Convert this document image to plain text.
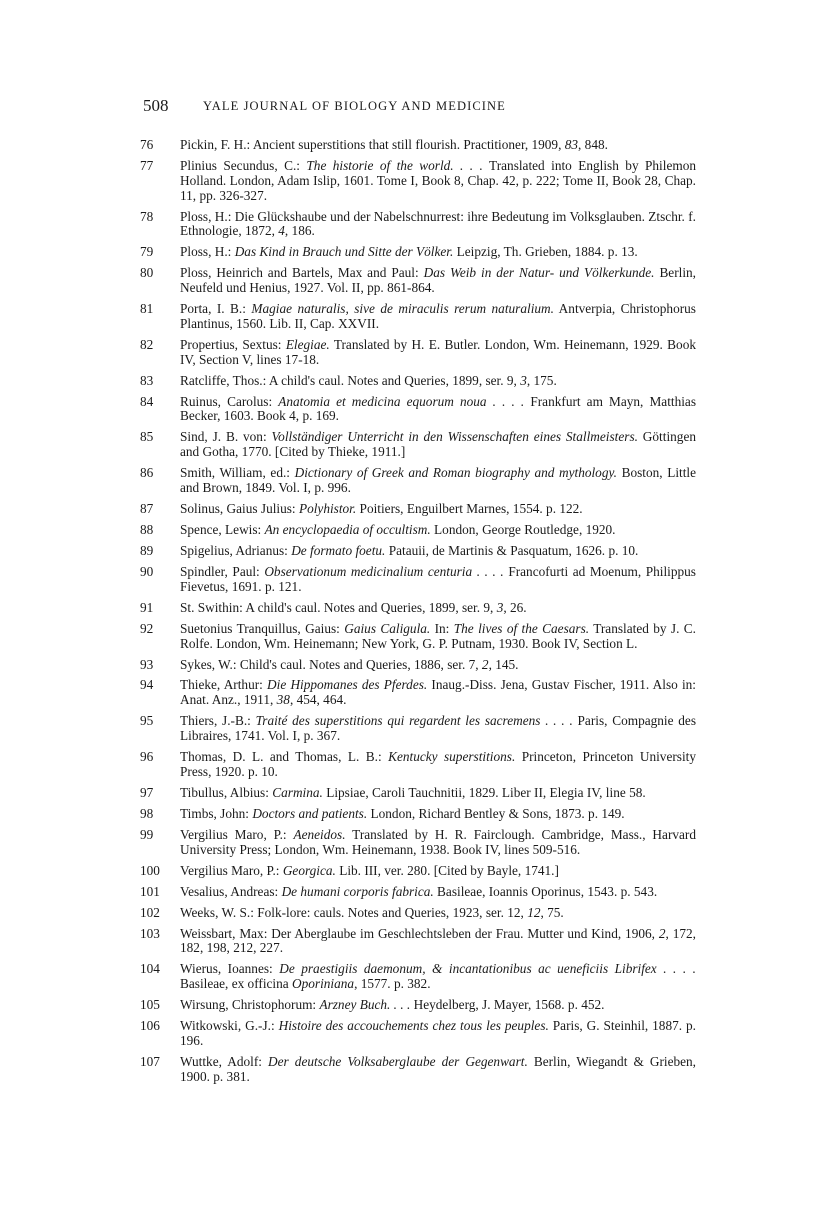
508	YALE JOURNAL OF BIOLOGY AND MEDICINE
76	Pickin, F. H.: Ancient superstitions that still flourish. Practitioner, 1909, 83, 848.
77	Plinius Secundus, C.: The historie of the world. . . . Translated into English by Philemon Holland. London, Adam Islip, 1601. Tome I, Book 8, Chap. 42, p. 222; Tome II, Book 28, Chap. 11, pp. 326-327.
78	Ploss, H.: Die Glückshaube und der Nabelschnurrest: ihre Bedeutung im Volksglauben. Ztschr. f. Ethnologie, 1872, 4, 186.
79	Ploss, H.: Das Kind in Brauch und Sitte der Völker. Leipzig, Th. Grieben, 1884. p. 13.
80	Ploss, Heinrich and Bartels, Max and Paul: Das Weib in der Natur- und Völkerkunde. Berlin, Neufeld und Henius, 1927. Vol. II, pp. 861-864.
81	Porta, I. B.: Magiae naturalis, sive de miraculis rerum naturalium. Antverpia, Christophorus Plantinus, 1560. Lib. II, Cap. XXVII.
82	Propertius, Sextus: Elegiae. Translated by H. E. Butler. London, Wm. Heinemann, 1929. Book IV, Section V, lines 17-18.
83	Ratcliffe, Thos.: A child's caul. Notes and Queries, 1899, ser. 9, 3, 175.
84	Ruinus, Carolus: Anatomia et medicina equorum noua . . . . Frankfurt am Mayn, Matthias Becker, 1603. Book 4, p. 169.
85	Sind, J. B. von: Vollständiger Unterricht in den Wissenschaften eines Stallmeisters. Göttingen and Gotha, 1770. [Cited by Thieke, 1911.]
86	Smith, William, ed.: Dictionary of Greek and Roman biography and mythology. Boston, Little and Brown, 1849. Vol. I, p. 996.
87	Solinus, Gaius Julius: Polyhistor. Poitiers, Enguilbert Marnes, 1554. p. 122.
88	Spence, Lewis: An encyclopaedia of occultism. London, George Routledge, 1920.
89	Spigelius, Adrianus: De formato foetu. Patauii, de Martinis & Pasquatum, 1626. p. 10.
90	Spindler, Paul: Observationum medicinalium centuria . . . . Francofurti ad Moenum, Philippus Fievetus, 1691. p. 121.
91	St. Swithin: A child's caul. Notes and Queries, 1899, ser. 9, 3, 26.
92	Suetonius Tranquillus, Gaius: Gaius Caligula. In: The lives of the Caesars. Translated by J. C. Rolfe. London, Wm. Heinemann; New York, G. P. Putnam, 1930. Book IV, Section L.
93	Sykes, W.: Child's caul. Notes and Queries, 1886, ser. 7, 2, 145.
94	Thieke, Arthur: Die Hippomanes des Pferdes. Inaug.-Diss. Jena, Gustav Fischer, 1911. Also in: Anat. Anz., 1911, 38, 454, 464.
95	Thiers, J.-B.: Traité des superstitions qui regardent les sacremens . . . . Paris, Compagnie des Libraires, 1741. Vol. I, p. 367.
96	Thomas, D. L. and Thomas, L. B.: Kentucky superstitions. Princeton, Princeton University Press, 1920. p. 10.
97	Tibullus, Albius: Carmina. Lipsiae, Caroli Tauchnitii, 1829. Liber II, Elegia IV, line 58.
98	Timbs, John: Doctors and patients. London, Richard Bentley & Sons, 1873. p. 149.
99	Vergilius Maro, P.: Aeneidos. Translated by H. R. Fairclough. Cambridge, Mass., Harvard University Press; London, Wm. Heinemann, 1938. Book IV, lines 509-516.
100	Vergilius Maro, P.: Georgica. Lib. III, ver. 280. [Cited by Bayle, 1741.]
101	Vesalius, Andreas: De humani corporis fabrica. Basileae, Ioannis Oporinus, 1543. p. 543.
102	Weeks, W. S.: Folk-lore: cauls. Notes and Queries, 1923, ser. 12, 12, 75.
103	Weissbart, Max: Der Aberglaube im Geschlechtsleben der Frau. Mutter und Kind, 1906, 2, 172, 182, 198, 212, 227.
104	Wierus, Ioannes: De praestigiis daemonum, & incantationibus ac ueneficiis Librifex . . . . Basileae, ex officina Oporiniana, 1577. p. 382.
105	Wirsung, Christophorum: Arzney Buch. . . . Heydelberg, J. Mayer, 1568. p. 452.
106	Witkowski, G.-J.: Histoire des accouchements chez tous les peuples. Paris, G. Steinhil, 1887. p. 196.
107	Wuttke, Adolf: Der deutsche Volksaberglaube der Gegenwart. Berlin, Wiegandt & Grieben, 1900. p. 381.
